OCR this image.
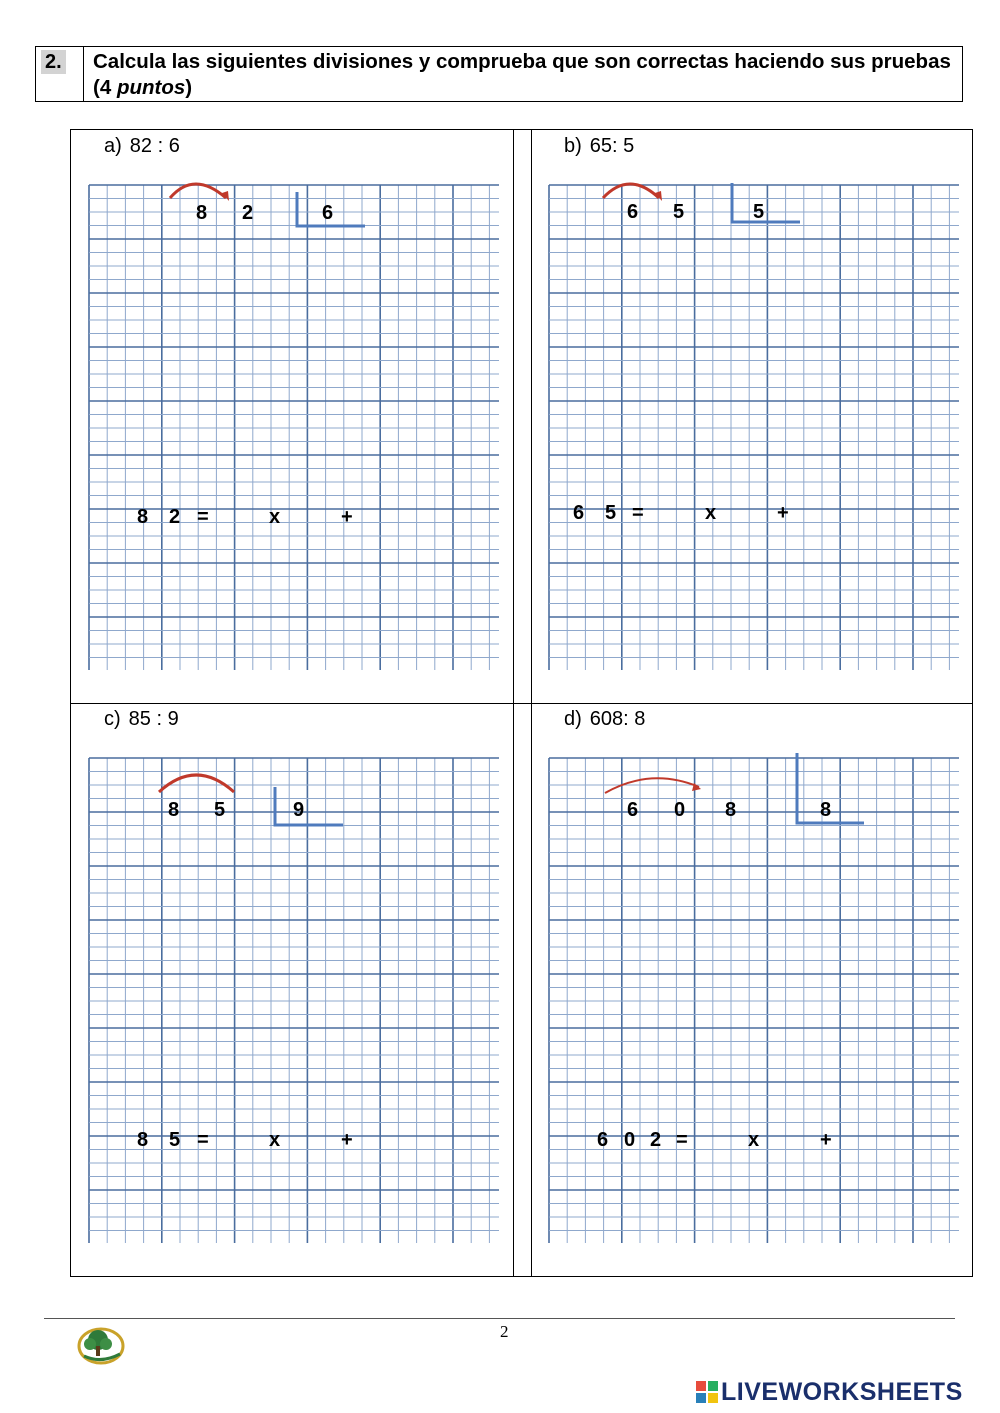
2. Calcula las siguientes divisiones y comprueba que son correctas haciendo sus pruebas (4 puntos)
a) 82 : 6
8 2	6
8 2 =	x	+
b) 65: 5
6 5	5
6 5 =	x	+
c) 85 : 9
8 5	9
8 5 =	x	+
d) 608: 8
6 0 8	8
6 0 2 =	x	+
2
LIVEWORKSHEETS
